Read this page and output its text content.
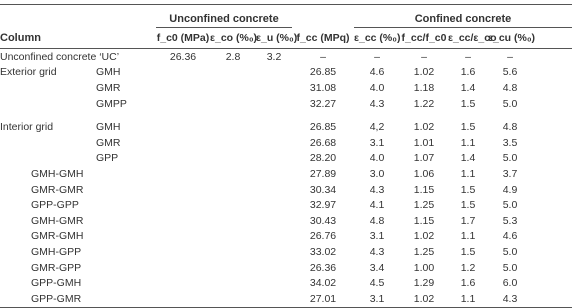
		Unconfined concrete				Confined concrete				
Column		f_c0 (MPa)	ε_co (%₀)	ε_u (%₀)	f_cc (MPq)	ε_cc (%₀)	f_cc/f_c0	ε_cc/ε_co	ε_cu (%₀)	
Unconfined concrete ‘UC’		26.36	2.8	3.2	–	–	–	–	–	
Exterior grid	GMH				26.85	4.6	1.02	1.6	5.6	
	GMR				31.08	4.0	1.18	1.4	4.8	
	GMPP				32.27	4.3	1.22	1.5	5.0	

Interior grid	GMH				26.85	4,2	1.02	1.5	4.8	
	GMR				26.68	3.1	1.01	1.1	3.5	
	GPP				28.20	4.0	1.07	1.4	5.0	
GMH-GMH					27.89	3.0	1.06	1.1	3.7	
GMR-GMR					30.34	4.3	1.15	1.5	4.9	
GPP-GPP					32.97	4.1	1.25	1.5	5.0	
GMH-GMR					30.43	4.8	1.15	1.7	5.3	
GMR-GMH					26.76	3.1	1.02	1.1	4.6	
GMH-GPP					33.02	4.3	1.25	1.5	5.0	
GMR-GPP					26.36	3.4	1.00	1.2	5.0	
GPP-GMH					34.02	4.5	1.29	1.6	6.0	
GPP-GMR					27.01	3.1	1.02	1.1	4.3	
